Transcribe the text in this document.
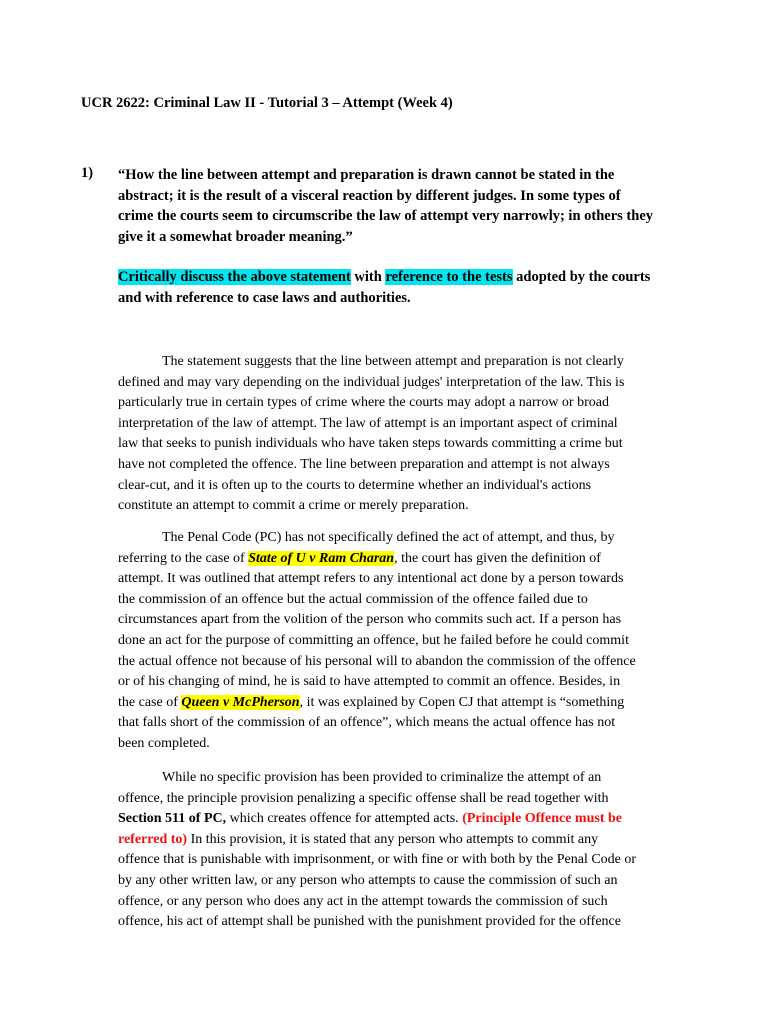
UCR 2622: Criminal Law II - Tutorial 3 – Attempt (Week 4)
1) “How the line between attempt and preparation is drawn cannot be stated in the
abstract; it is the result of a visceral reaction by different judges. In some types of
crime the courts seem to circumscribe the law of attempt very narrowly; in others they
give it a somewhat broader meaning.”
Critically discuss the above statement with reference to the tests adopted by the courts
and with reference to case laws and authorities.
The statement suggests that the line between attempt and preparation is not clearly
defined and may vary depending on the individual judges' interpretation of the law. This is
particularly true in certain types of crime where the courts may adopt a narrow or broad
interpretation of the law of attempt. The law of attempt is an important aspect of criminal
law that seeks to punish individuals who have taken steps towards committing a crime but
have not completed the offence. The line between preparation and attempt is not always
clear-cut, and it is often up to the courts to determine whether an individual's actions
constitute an attempt to commit a crime or merely preparation.
The Penal Code (PC) has not specifically defined the act of attempt, and thus, by
referring to the case of State of U v Ram Charan, the court has given the definition of
attempt. It was outlined that attempt refers to any intentional act done by a person towards
the commission of an offence but the actual commission of the offence failed due to
circumstances apart from the volition of the person who commits such act. If a person has
done an act for the purpose of committing an offence, but he failed before he could commit
the actual offence not because of his personal will to abandon the commission of the offence
or of his changing of mind, he is said to have attempted to commit an offence. Besides, in
the case of Queen v McPherson, it was explained by Copen CJ that attempt is “something
that falls short of the commission of an offence”, which means the actual offence has not
been completed.
While no specific provision has been provided to criminalize the attempt of an
offence, the principle provision penalizing a specific offense shall be read together with
Section 511 of PC, which creates offence for attempted acts. (Principle Offence must be
referred to) In this provision, it is stated that any person who attempts to commit any
offence that is punishable with imprisonment, or with fine or with both by the Penal Code or
by any other written law, or any person who attempts to cause the commission of such an
offence, or any person who does any act in the attempt towards the commission of such
offence, his act of attempt shall be punished with the punishment provided for the offence
